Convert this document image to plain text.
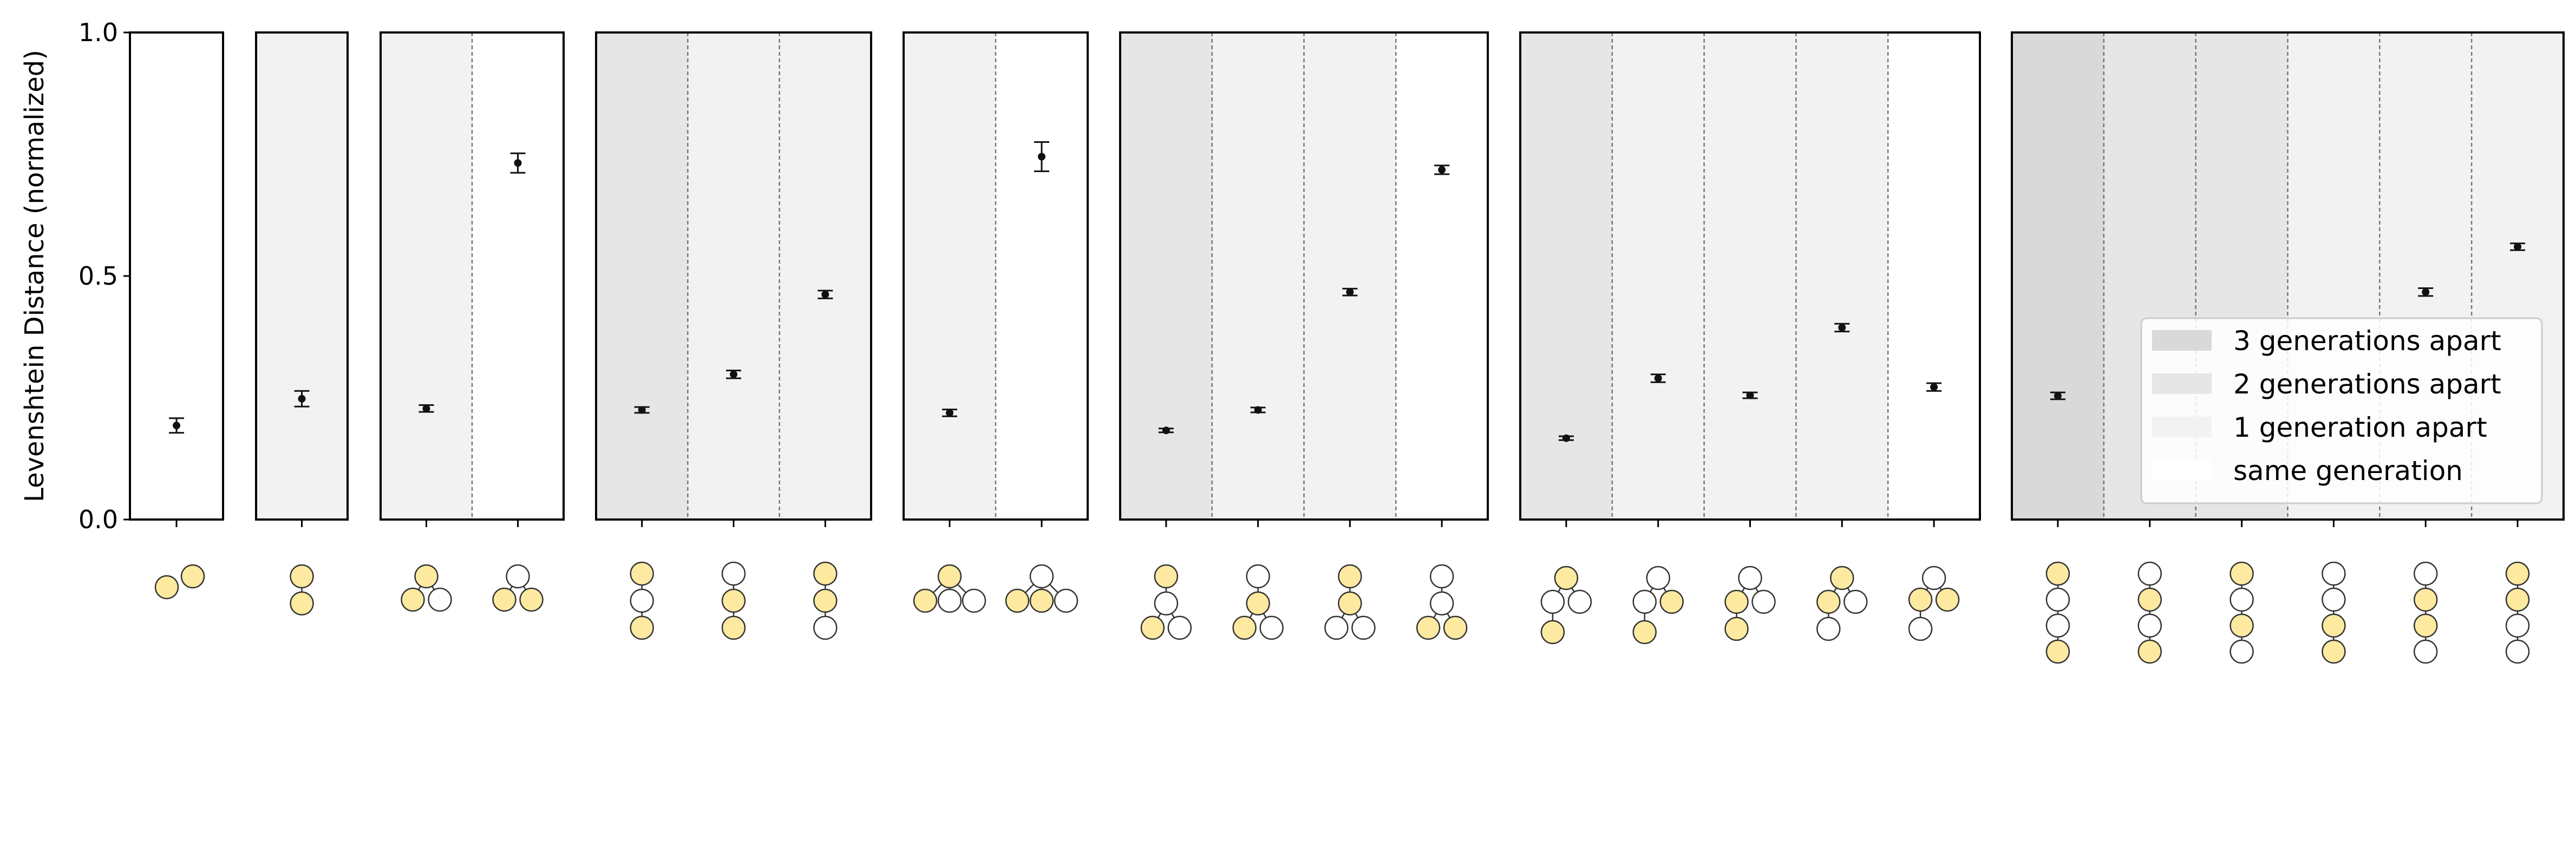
1.0
0.5
0.0
Levenshtein Distance (normalized)	3 generations apart
2 generations apart
1 generation apart
same generation
